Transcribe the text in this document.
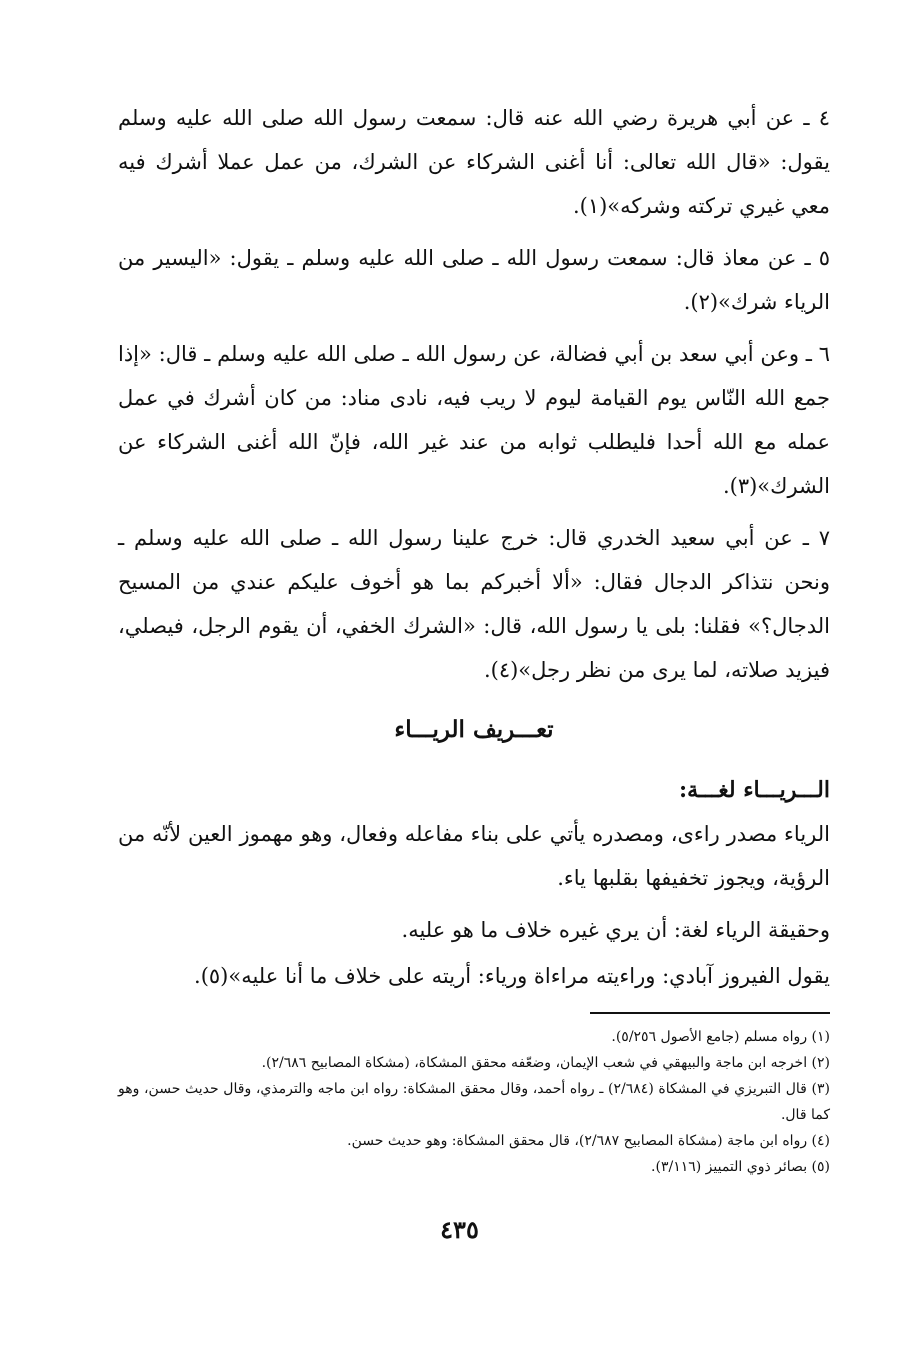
٤ ـ عن أبي هريرة رضي الله عنه قال: سمعت رسول الله صلى الله عليه وسلم يقول: «قال الله تعالى: أنا أغنى الشركاء عن الشرك، من عمل عملا أشرك فيه معي غيري تركته وشركه»(١).

٥ ـ عن معاذ قال: سمعت رسول الله ـ صلى الله عليه وسلم ـ يقول: «اليسير من الرياء شرك»(٢).

٦ ـ وعن أبي سعد بن أبي فضالة، عن رسول الله ـ صلى الله عليه وسلم ـ قال: «إذا جمع الله النّاس يوم القيامة ليوم لا ريب فيه، نادى مناد: من كان أشرك في عمل عمله مع الله أحدا فليطلب ثوابه من عند غير الله، فإنّ الله أغنى الشركاء عن الشرك»(٣).

٧ ـ عن أبي سعيد الخدري قال: خرج علينا رسول الله ـ صلى الله عليه وسلم ـ ونحن نتذاكر الدجال فقال: «ألا أخبركم بما هو أخوف عليكم عندي من المسيح الدجال؟» فقلنا: بلى يا رسول الله، قال: «الشرك الخفي، أن يقوم الرجل، فيصلي، فيزيد صلاته، لما يرى من نظر رجل»(٤).

تعـــريف الريـــاء
الـــريـــاء لغـــة:

الرياء مصدر راءى، ومصدره يأتي على بناء مفاعله وفعال، وهو مهموز العين لأنّه من الرؤية، ويجوز تخفيفها بقلبها ياء.

وحقيقة الرياء لغة: أن يري غيره خلاف ما هو عليه.

يقول الفيروز آبادي: وراءيته مراءاة ورياء: أريته على خلاف ما أنا عليه»(٥).

(١) رواه مسلم (جامع الأصول ٥/٢٥٦).

(٢) اخرجه ابن ماجة والبيهقي في شعب الإيمان، وضعّفه محقق المشكاة، (مشكاة المصابيح ٢/٦٨٦).

(٣) قال التبريزي في المشكاة (٢/٦٨٤) ـ رواه أحمد، وقال محقق المشكاة: رواه ابن ماجه والترمذي، وقال حديث حسن، وهو كما قال.

(٤) رواه ابن ماجة (مشكاة المصابيح ٢/٦٨٧)، قال محقق المشكاة: وهو حديث حسن.

(٥) بصائر ذوي التمييز (٣/١١٦).

٤٣٥
